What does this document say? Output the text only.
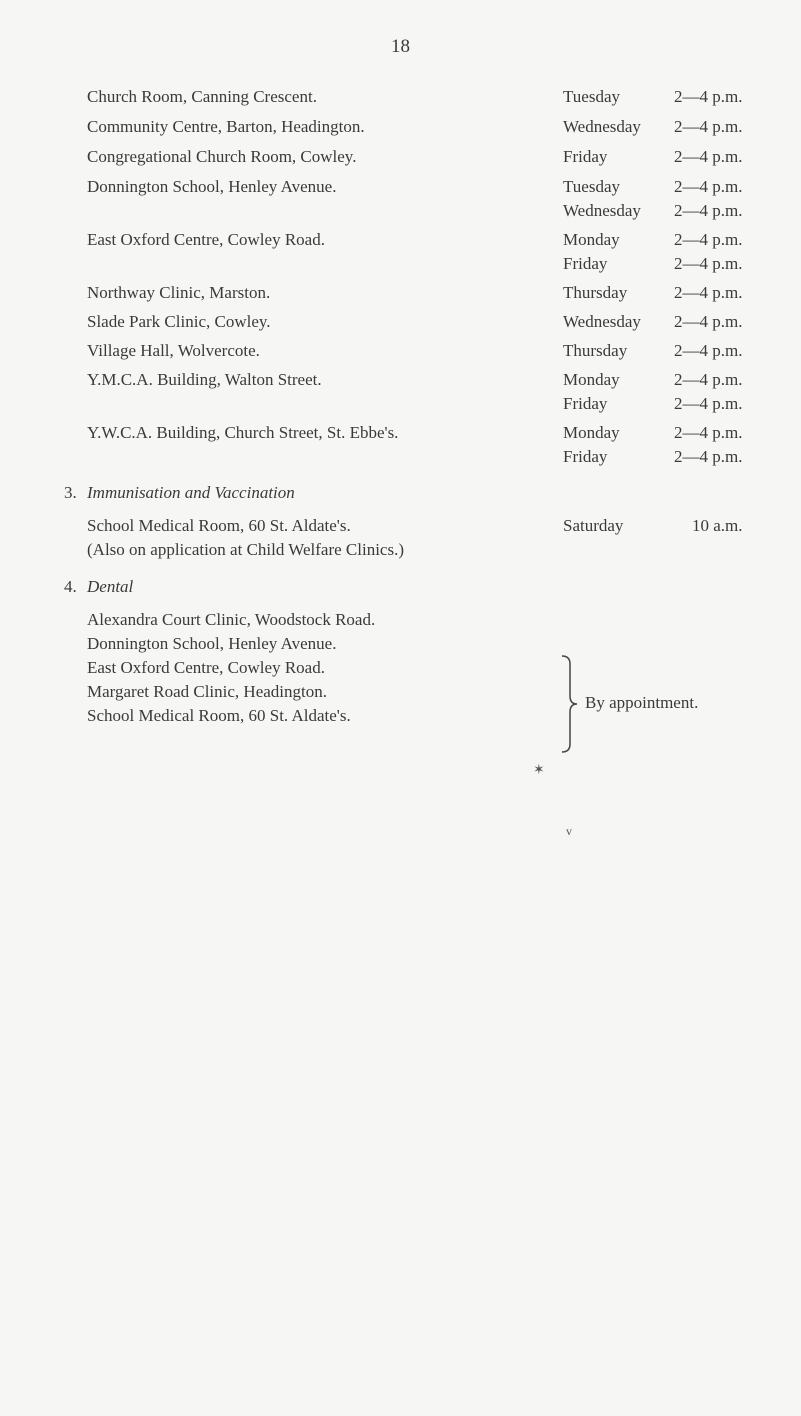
18
Church Room, Canning Crescent.	Tuesday	2—4 p.m.
Community Centre, Barton, Headington.	Wednesday 2—4 p.m.
Congregational Church Room, Cowley.	Friday	2—4 p.m.
Donnington School, Henley Avenue.	Tuesday	2—4 p.m.
Wednesday 2—4 p.m.
East Oxford Centre, Cowley Road.	Monday	2—4 p.m.
Friday	2—4 p.m.
Northway Clinic, Marston.	Thursday	2—4 p.m.
Slade Park Clinic, Cowley.	Wednesday 2—4 p.m.
Village Hall, Wolvercote.	Thursday	2—4 p.m.
Y.M.C.A. Building, Walton Street.	Monday	2—4 p.m.
Friday	2—4 p.m.
Y.W.C.A. Building, Church Street, St. Ebbe's.	Monday	2—4 p.m.
Friday	2—4 p.m.
3. Immunisation and Vaccination
School Medical Room, 60 St. Aldate's.	Saturday	10 a.m.
(Also on application at Child Welfare Clinics.)
4. Dental
Alexandra Court Clinic, Woodstock Road.
Donnington School, Henley Avenue.
East Oxford Centre, Cowley Road.
Margaret Road Clinic, Headington.
School Medical Room, 60 St. Aldate's.
By appointment.
✶
v
